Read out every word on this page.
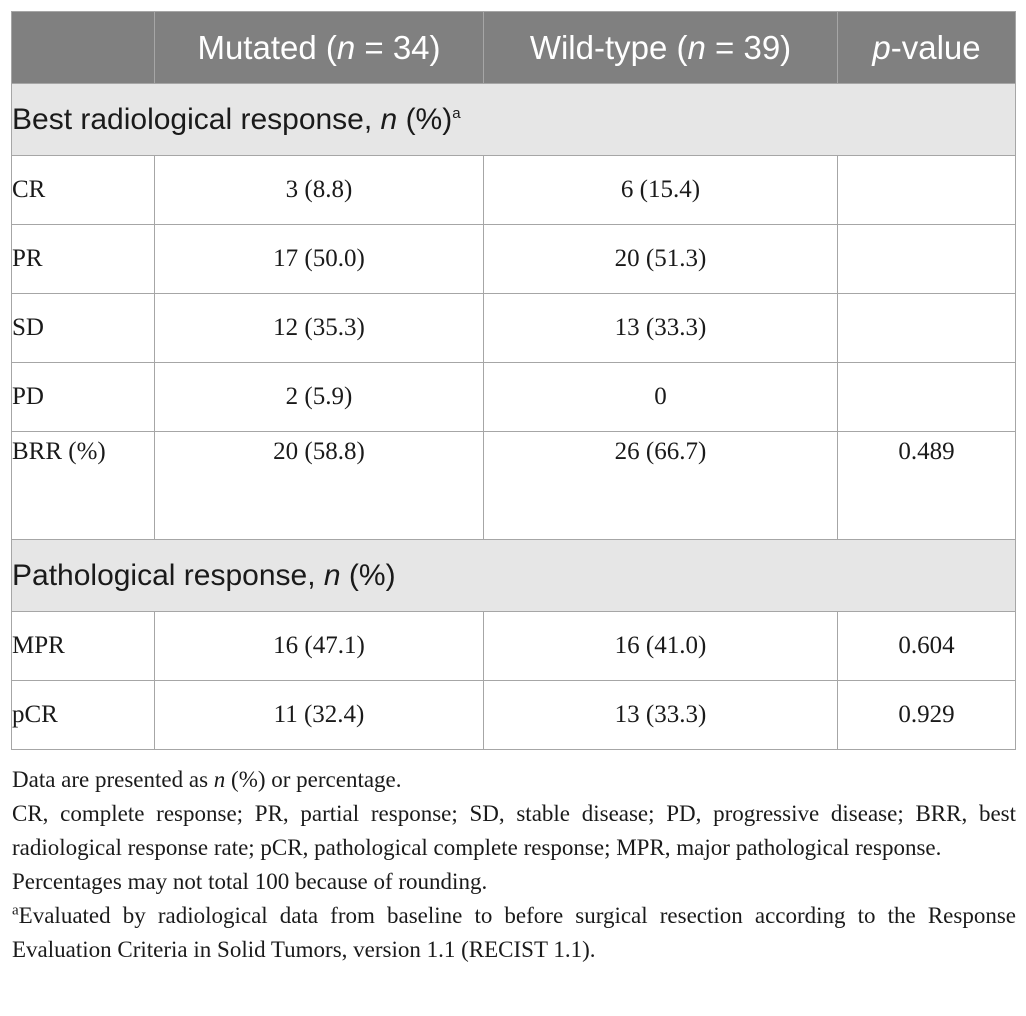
	Mutated (n = 34)	Wild-type (n = 39)	p-value
Best radiological response, n (%)$^a$
CR	3 (8.8)	6 (15.4)	
PR	17 (50.0)	20 (51.3)	
SD	12 (35.3)	13 (33.3)	
PD	2 (5.9)	0	
BRR (%)	20 (58.8)	26 (66.7)	0.489
Pathological response, n (%)			
MPR	16 (47.1)	16 (41.0)	0.604
pCR	11 (32.4)	13 (33.3)	0.929

Data are presented as n (%) or percentage.

CR, complete response; PR, partial response; SD, stable disease; PD, progressive disease; BRR, best radiological response rate; pCR, pathological complete response; MPR, major pathological response.

Percentages may not total 100 because of rounding.

$^a$Evaluated by radiological data from baseline to before surgical resection according to the Response Evaluation Criteria in Solid Tumors, version 1.1 (RECIST 1.1).
